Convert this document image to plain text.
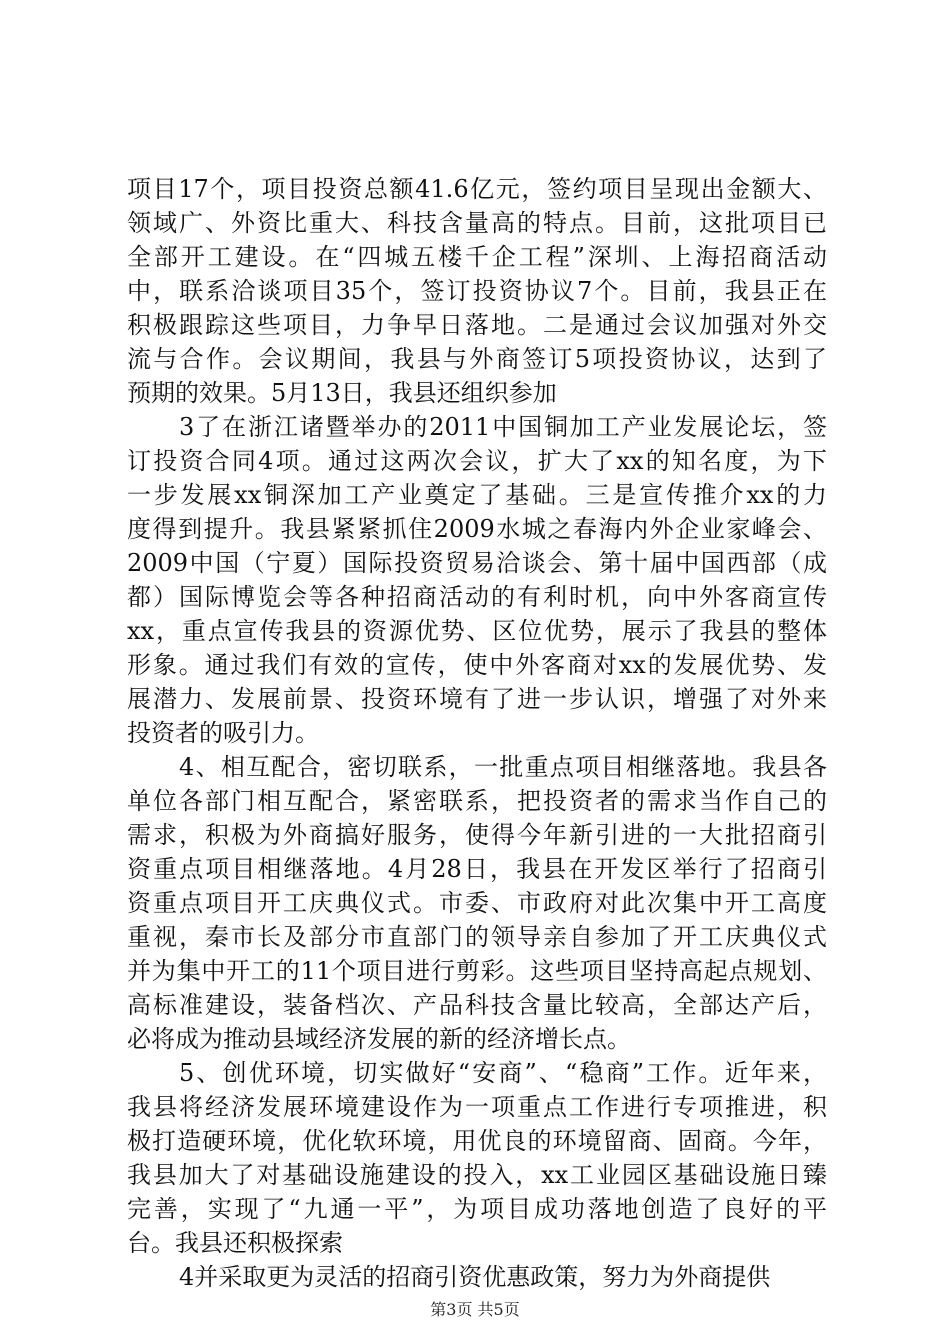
项目17个，项目投资总额41.6亿元，签约项目呈现出金额大、
领域广、外资比重大、科技含量高的特点。目前，这批项目已
全部开工建设。在“四城五楼千企工程”深圳、上海招商活动
中，联系洽谈项目35个，签订投资协议7个。目前，我县正在
积极跟踪这些项目，力争早日落地。二是通过会议加强对外交
流与合作。会议期间，我县与外商签订5项投资协议，达到了
预期的效果。5月13日，我县还组织参加
3了在浙江诸暨举办的2011中国铜加工产业发展论坛，签
订投资合同4项。通过这两次会议，扩大了xx的知名度，为下
一步发展xx铜深加工产业奠定了基础。三是宣传推介xx的力
度得到提升。我县紧紧抓住2009水城之春海内外企业家峰会、
2009中国（宁夏）国际投资贸易洽谈会、第十届中国西部（成
都）国际博览会等各种招商活动的有利时机，向中外客商宣传
xx，重点宣传我县的资源优势、区位优势，展示了我县的整体
形象。通过我们有效的宣传，使中外客商对xx的发展优势、发
展潜力、发展前景、投资环境有了进一步认识，增强了对外来
投资者的吸引力。
4、相互配合，密切联系，一批重点项目相继落地。我县各
单位各部门相互配合，紧密联系，把投资者的需求当作自己的
需求，积极为外商搞好服务，使得今年新引进的一大批招商引
资重点项目相继落地。4月28日，我县在开发区举行了招商引
资重点项目开工庆典仪式。市委、市政府对此次集中开工高度
重视，秦市长及部分市直部门的领导亲自参加了开工庆典仪式
并为集中开工的11个项目进行剪彩。这些项目坚持高起点规划、
高标准建设，装备档次、产品科技含量比较高，全部达产后，
必将成为推动县域经济发展的新的经济增长点。
5、创优环境，切实做好“安商”、“稳商”工作。近年来，
我县将经济发展环境建设作为一项重点工作进行专项推进，积
极打造硬环境，优化软环境，用优良的环境留商、固商。今年，
我县加大了对基础设施建设的投入，xx工业园区基础设施日臻
完善，实现了“九通一平”，为项目成功落地创造了良好的平
台。我县还积极探索
4并采取更为灵活的招商引资优惠政策，努力为外商提供
第3页 共5页
